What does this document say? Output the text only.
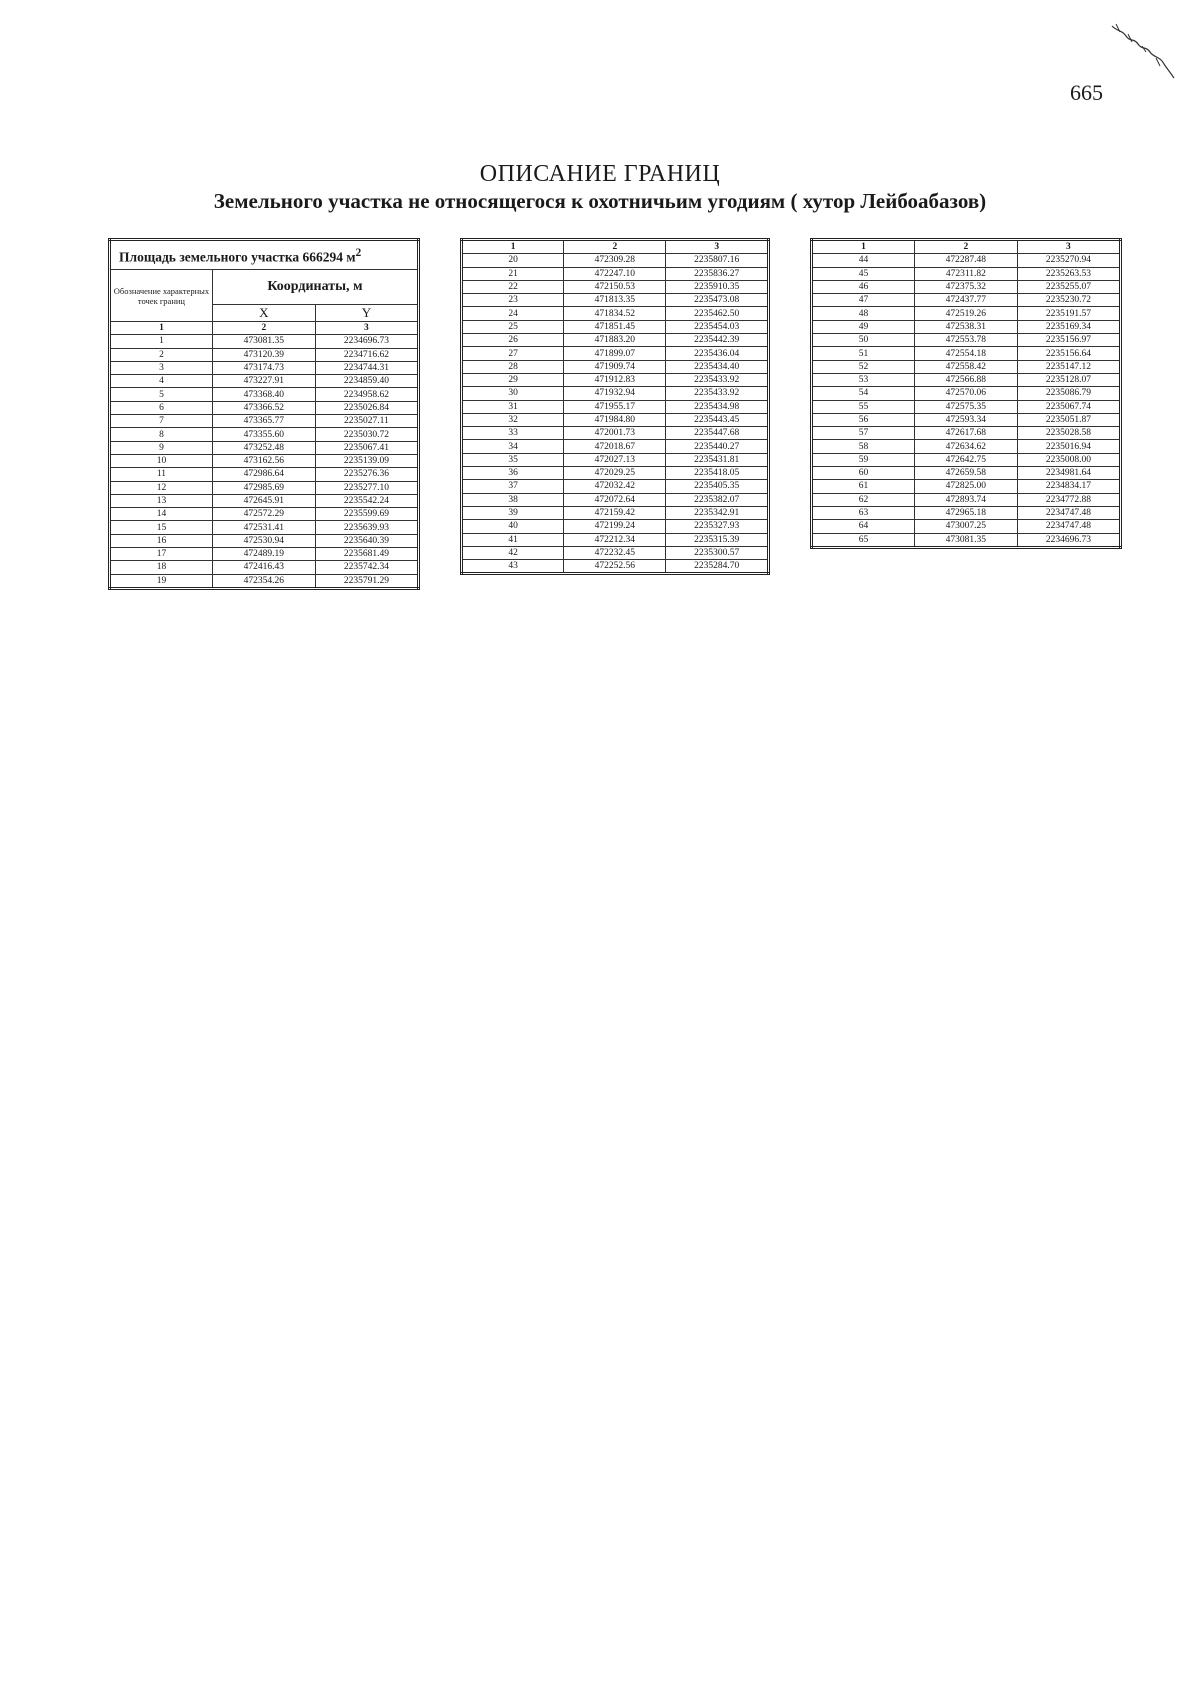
665
ОПИСАНИЕ ГРАНИЦ
Земельного участка не относящегося к охотничьим угодиям ( хутор Лейбоабазов)
Площадь земельного участка 666294 $м^2$
Обозначение характерных точек границ	Координаты, м	
	X	Y
1	2	3
1	473081.35	2234696.73
2	473120.39	2234716.62
3	473174.73	2234744.31
4	473227.91	2234859.40
5	473368.40	2234958.62
6	473366.52	2235026.84
7	473365.77	2235027.11
8	473355.60	2235030.72
9	473252.48	2235067.41
10	473162.56	2235139.09
11	472986.64	2235276.36
12	472985.69	2235277.10
13	472645.91	2235542.24
14	472572.29	2235599.69
15	472531.41	2235639.93
16	472530.94	2235640.39
17	472489.19	2235681.49
18	472416.43	2235742.34
19	472354.26	2235791.29
1	2	3
20	472309.28	2235807.16
21	472247.10	2235836.27
22	472150.53	2235910.35
23	471813.35	2235473.08
24	471834.52	2235462.50
25	471851.45	2235454.03
26	471883.20	2235442.39
27	471899.07	2235436.04
28	471909.74	2235434.40
29	471912.83	2235433.92
30	471932.94	2235433.92
31	471955.17	2235434.98
32	471984.80	2235443.45
33	472001.73	2235447.68
34	472018.67	2235440.27
35	472027.13	2235431.81
36	472029.25	2235418.05
37	472032.42	2235405.35
38	472072.64	2235382.07
39	472159.42	2235342.91
40	472199.24	2235327.93
41	472212.34	2235315.39
42	472232.45	2235300.57
43	472252.56	2235284.70
1	2	3
44	472287.48	2235270.94
45	472311.82	2235263.53
46	472375.32	2235255.07
47	472437.77	2235230.72
48	472519.26	2235191.57
49	472538.31	2235169.34
50	472553.78	2235156.97
51	472554.18	2235156.64
52	472558.42	2235147.12
53	472566.88	2235128.07
54	472570.06	2235086.79
55	472575.35	2235067.74
56	472593.34	2235051.87
57	472617.68	2235028.58
58	472634.62	2235016.94
59	472642.75	2235008.00
60	472659.58	2234981.64
61	472825.00	2234834.17
62	472893.74	2234772.88
63	472965.18	2234747.48
64	473007.25	2234747.48
65	473081.35	2234696.73
